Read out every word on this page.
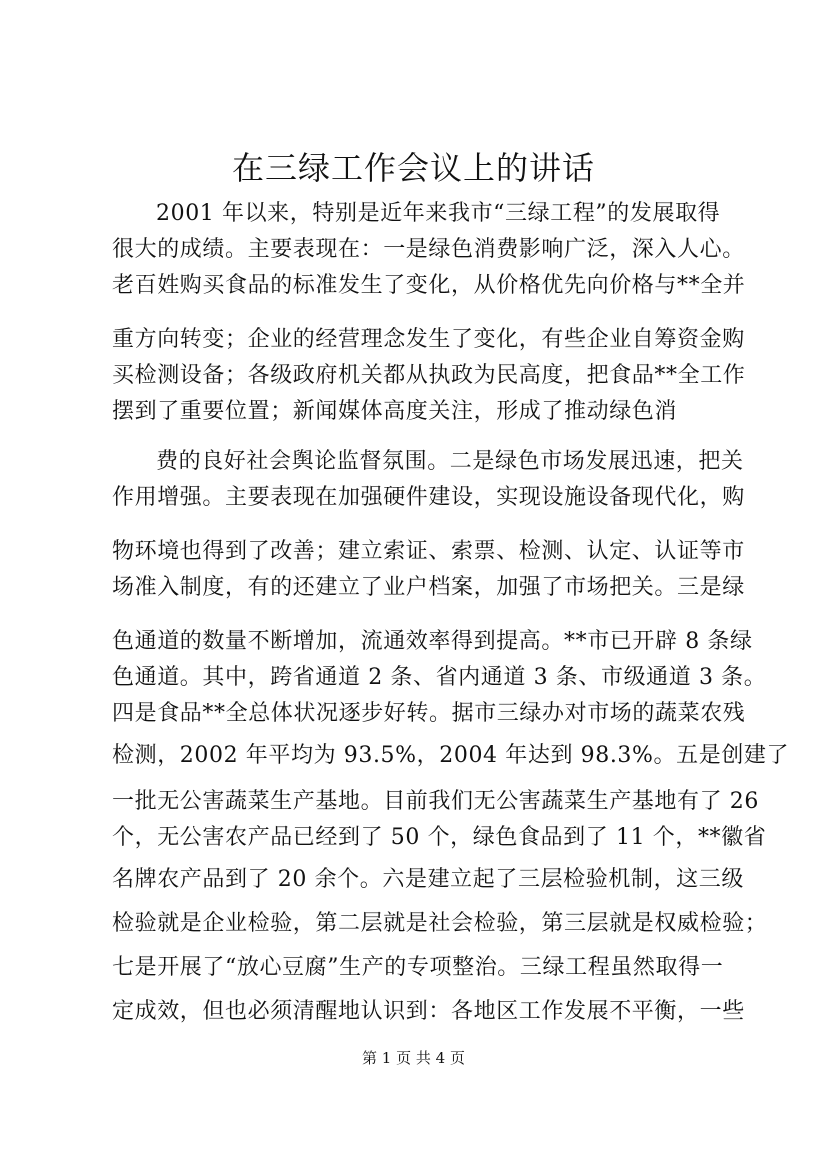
在三绿工作会议上的讲话

2001 年以来，特别是近年来我市“三绿工程”的发展取得

很大的成绩。主要表现在：一是绿色消费影响广泛，深入人心。

老百姓购买食品的标准发生了变化，从价格优先向价格与**全并

重方向转变；企业的经营理念发生了变化，有些企业自筹资金购

买检测设备；各级政府机关都从执政为民高度，把食品**全工作

摆到了重要位置；新闻媒体高度关注，形成了推动绿色消

费的良好社会舆论监督氛围。二是绿色市场发展迅速，把关

作用增强。主要表现在加强硬件建设，实现设施设备现代化，购

物环境也得到了改善；建立索证、索票、检测、认定、认证等市

场准入制度，有的还建立了业户档案，加强了市场把关。三是绿

色通道的数量不断增加，流通效率得到提高。**市已开辟 8 条绿

色通道。其中，跨省通道 2 条、省内通道 3 条、市级通道 3 条。

四是食品**全总体状况逐步好转。据市三绿办对市场的蔬菜农残

检测，2002 年平均为 93.5%，2004 年达到 98.3%。五是创建了

一批无公害蔬菜生产基地。目前我们无公害蔬菜生产基地有了 26

个，无公害农产品已经到了 50 个，绿色食品到了 11 个，**徽省

名牌农产品到了 20 余个。六是建立起了三层检验机制，这三级

检验就是企业检验，第二层就是社会检验，第三层就是权威检验；

七是开展了“放心豆腐”生产的专项整治。三绿工程虽然取得一

定成效，但也必须清醒地认识到：各地区工作发展不平衡，一些

第 1 页 共 4 页
